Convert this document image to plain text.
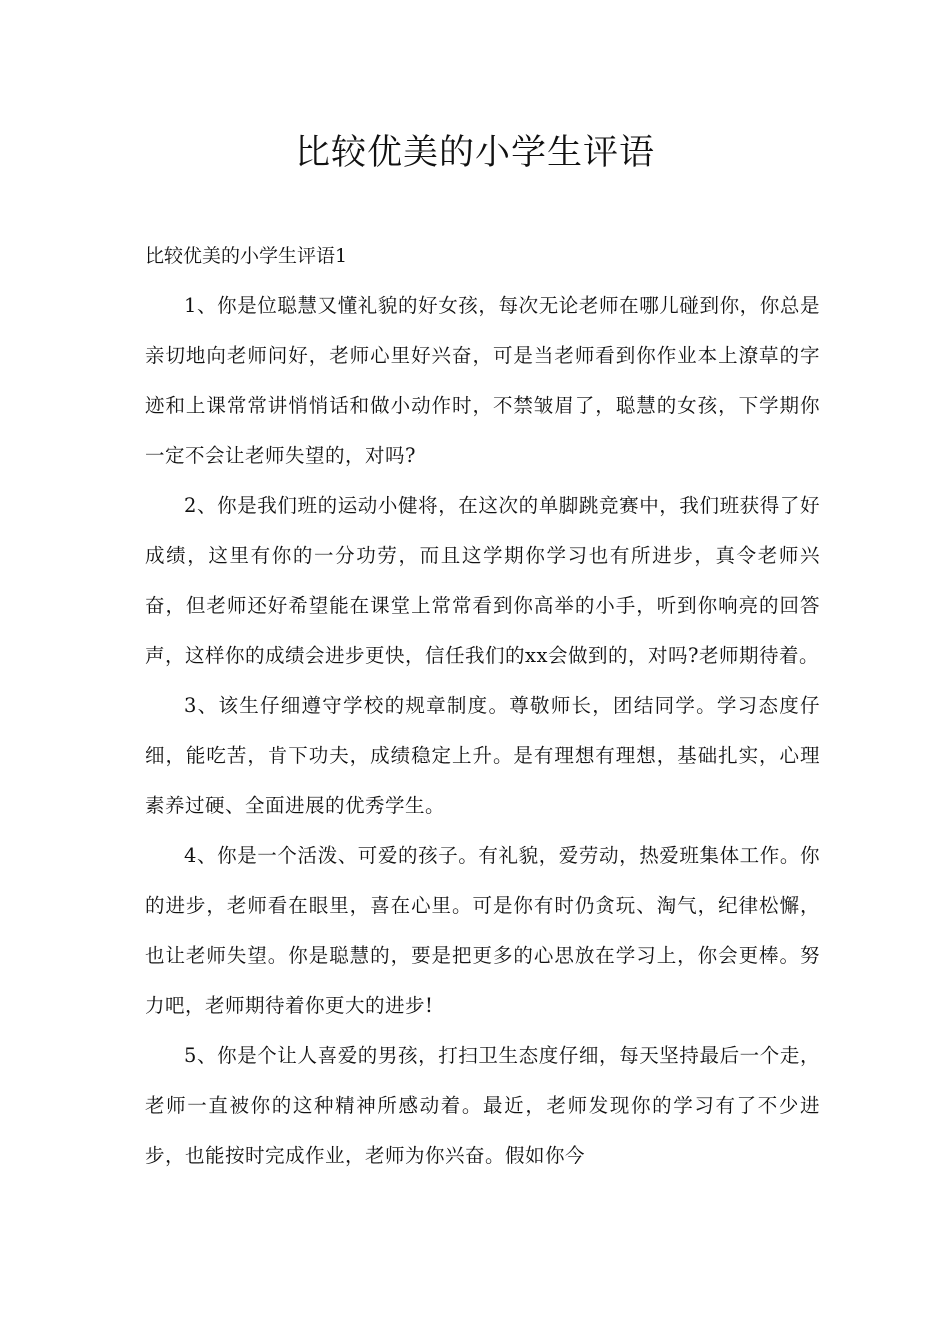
比较优美的小学生评语

比较优美的小学生评语1

1、你是位聪慧又懂礼貌的好女孩，每次无论老师在哪儿碰到你，你总是亲切地向老师问好，老师心里好兴奋，可是当老师看到你作业本上潦草的字迹和上课常常讲悄悄话和做小动作时，不禁皱眉了，聪慧的女孩，下学期你一定不会让老师失望的，对吗?

2、你是我们班的运动小健将，在这次的单脚跳竞赛中，我们班获得了好成绩，这里有你的一分功劳，而且这学期你学习也有所进步，真令老师兴奋，但老师还好希望能在课堂上常常看到你高举的小手，听到你响亮的回答声，这样你的成绩会进步更快，信任我们的xx会做到的，对吗?老师期待着。

3、该生仔细遵守学校的规章制度。尊敬师长，团结同学。学习态度仔细，能吃苦，肯下功夫，成绩稳定上升。是有理想有理想，基础扎实，心理素养过硬、全面进展的优秀学生。

4、你是一个活泼、可爱的孩子。有礼貌，爱劳动，热爱班集体工作。你的进步，老师看在眼里，喜在心里。可是你有时仍贪玩、淘气，纪律松懈，也让老师失望。你是聪慧的，要是把更多的心思放在学习上，你会更棒。努力吧，老师期待着你更大的进步!

5、你是个让人喜爱的男孩，打扫卫生态度仔细，每天坚持最后一个走，老师一直被你的这种精神所感动着。最近，老师发现你的学习有了不少进步，也能按时完成作业，老师为你兴奋。假如你今
